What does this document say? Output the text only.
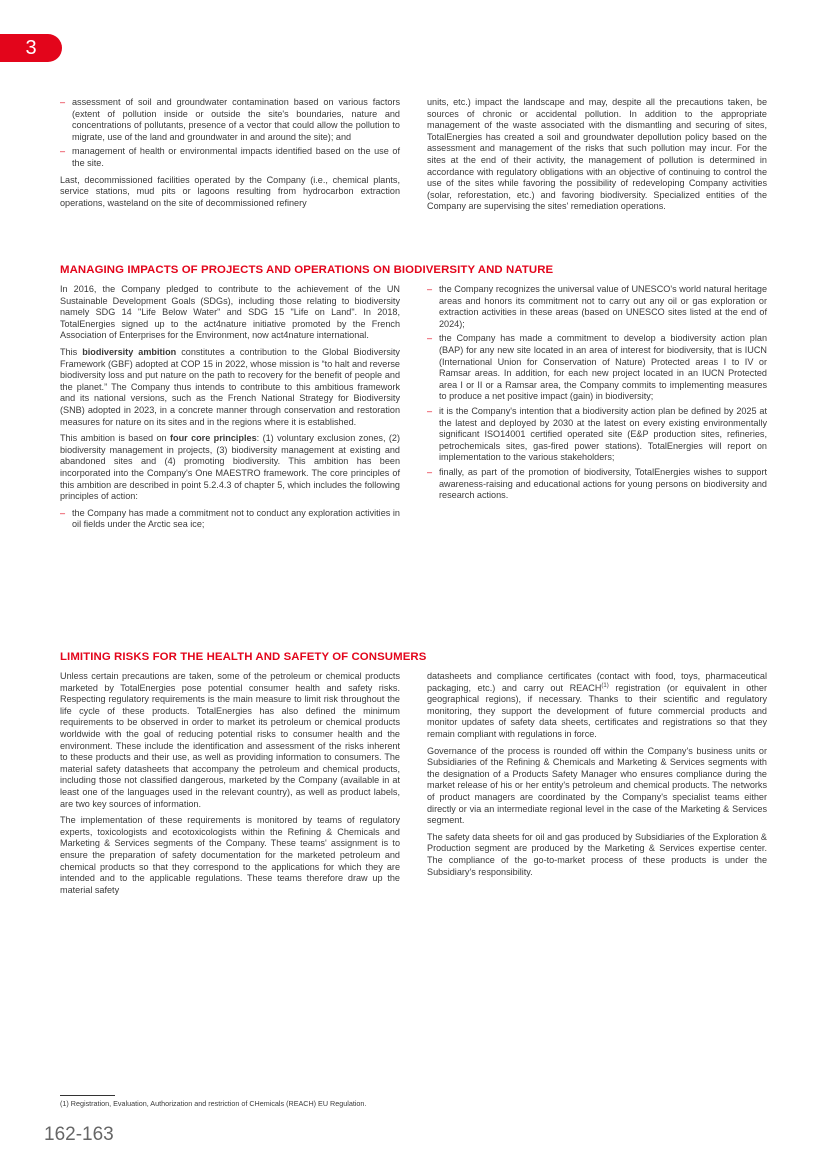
3
– assessment of soil and groundwater contamination based on various factors (extent of pollution inside or outside the site's boundaries, nature and concentrations of pollutants, presence of a vector that could allow the pollution to migrate, use of the land and groundwater in and around the site); and
– management of health or environmental impacts identified based on the use of the site.

Last, decommissioned facilities operated by the Company (i.e., chemical plants, service stations, mud pits or lagoons resulting from hydrocarbon extraction operations, wasteland on the site of decommissioned refinery

units, etc.) impact the landscape and may, despite all the precautions taken, be sources of chronic or accidental pollution. In addition to the appropriate management of the waste associated with the dismantling and securing of sites, TotalEnergies has created a soil and groundwater depollution policy based on the assessment and management of the risks that such pollution may incur. For the sites at the end of their activity, the management of pollution is determined in accordance with regulatory obligations with an objective of continuing to control the use of the sites while favoring the possibility of redeveloping Company activities (solar, reforestation, etc.) and favoring biodiversity. Specialized entities of the Company are supervising the sites' remediation operations.

MANAGING IMPACTS OF PROJECTS AND OPERATIONS ON BIODIVERSITY AND NATURE

In 2016, the Company pledged to contribute to the achievement of the UN Sustainable Development Goals (SDGs), including those relating to biodiversity namely SDG 14 "Life Below Water" and SDG 15 "Life on Land". In 2018, TotalEnergies signed up to the act4nature initiative promoted by the French Association of Enterprises for the Environment, now act4nature international.

This biodiversity ambition constitutes a contribution to the Global Biodiversity Framework (GBF) adopted at COP 15 in 2022, whose mission is “to halt and reverse biodiversity loss and put nature on the path to recovery for the benefit of people and the planet.” The Company thus intends to contribute to this ambitious framework and its national versions, such as the French National Strategy for Biodiversity (SNB) adopted in 2023, in a concrete manner through conservation and restoration measures for nature on its sites and in the regions where it is established.

This ambition is based on four core principles: (1) voluntary exclusion zones, (2) biodiversity management in projects, (3) biodiversity management at existing and abandoned sites and (4) promoting biodiversity. This ambition has been incorporated into the Company's One MAESTRO framework. The core principles of this ambition are described in point 5.2.4.3 of chapter 5, which includes the following principles of action:

– the Company has made a commitment not to conduct any exploration activities in oil fields under the Arctic sea ice;
– the Company recognizes the universal value of UNESCO's world natural heritage areas and honors its commitment not to carry out any oil or gas exploration or extraction activities in these areas (based on UNESCO sites listed at the end of 2024);
– the Company has made a commitment to develop a biodiversity action plan (BAP) for any new site located in an area of interest for biodiversity, that is IUCN (International Union for Conservation of Nature) Protected areas I to IV or Ramsar areas. In addition, for each new project located in an IUCN Protected area I or II or a Ramsar area, the Company commits to implementing measures to produce a net positive impact (gain) in biodiversity;
– it is the Company's intention that a biodiversity action plan be defined by 2025 at the latest and deployed by 2030 at the latest on every existing environmentally significant ISO14001 certified operated site (E&P production sites, refineries, petrochemicals sites, gas-fired power stations). TotalEnergies will report on implementation to the various stakeholders;
– finally, as part of the promotion of biodiversity, TotalEnergies wishes to support awareness-raising and educational actions for young persons on biodiversity and research actions.
LIMITING RISKS FOR THE HEALTH AND SAFETY OF CONSUMERS

Unless certain precautions are taken, some of the petroleum or chemical products marketed by TotalEnergies pose potential consumer health and safety risks. Respecting regulatory requirements is the main measure to limit risk throughout the life cycle of these products. TotalEnergies has also defined the minimum requirements to be observed in order to market its petroleum or chemical products worldwide with the goal of reducing potential risks to consumer health and the environment. These include the identification and assessment of the risks inherent to these products and their use, as well as providing information to consumers. The material safety datasheets that accompany the petroleum and chemical products, including those not classified dangerous, marketed by the Company (available in at least one of the languages used in the relevant country), as well as product labels, are two key sources of information.

The implementation of these requirements is monitored by teams of regulatory experts, toxicologists and ecotoxicologists within the Refining & Chemicals and Marketing & Services segments of the Company. These teams' assignment is to ensure the preparation of safety documentation for the marketed petroleum and chemical products so that they correspond to the applications for which they are intended and to the applicable regulations. These teams therefore draw up the material safety

datasheets and compliance certificates (contact with food, toys, pharmaceutical packaging, etc.) and carry out REACH$^{(1)}$ registration (or equivalent in other geographical regions), if necessary. Thanks to their scientific and regulatory monitoring, they support the development of future commercial products and monitor updates of safety data sheets, certificates and registrations so that they remain compliant with regulations in force.

Governance of the process is rounded off within the Company's business units or Subsidiaries of the Refining & Chemicals and Marketing & Services segments with the designation of a Products Safety Manager who ensures compliance during the market release of his or her entity's petroleum and chemical products. The networks of product managers are coordinated by the Company's specialist teams either directly or via an intermediate regional level in the case of the Marketing & Services segment.

The safety data sheets for oil and gas produced by Subsidiaries of the Exploration & Production segment are produced by the Marketing & Services expertise center. The compliance of the go-to-market process of these products is under the Subsidiary's responsibility.

(1) Registration, Evaluation, Authorization and restriction of CHemicals (REACH) EU Regulation.
162-163
